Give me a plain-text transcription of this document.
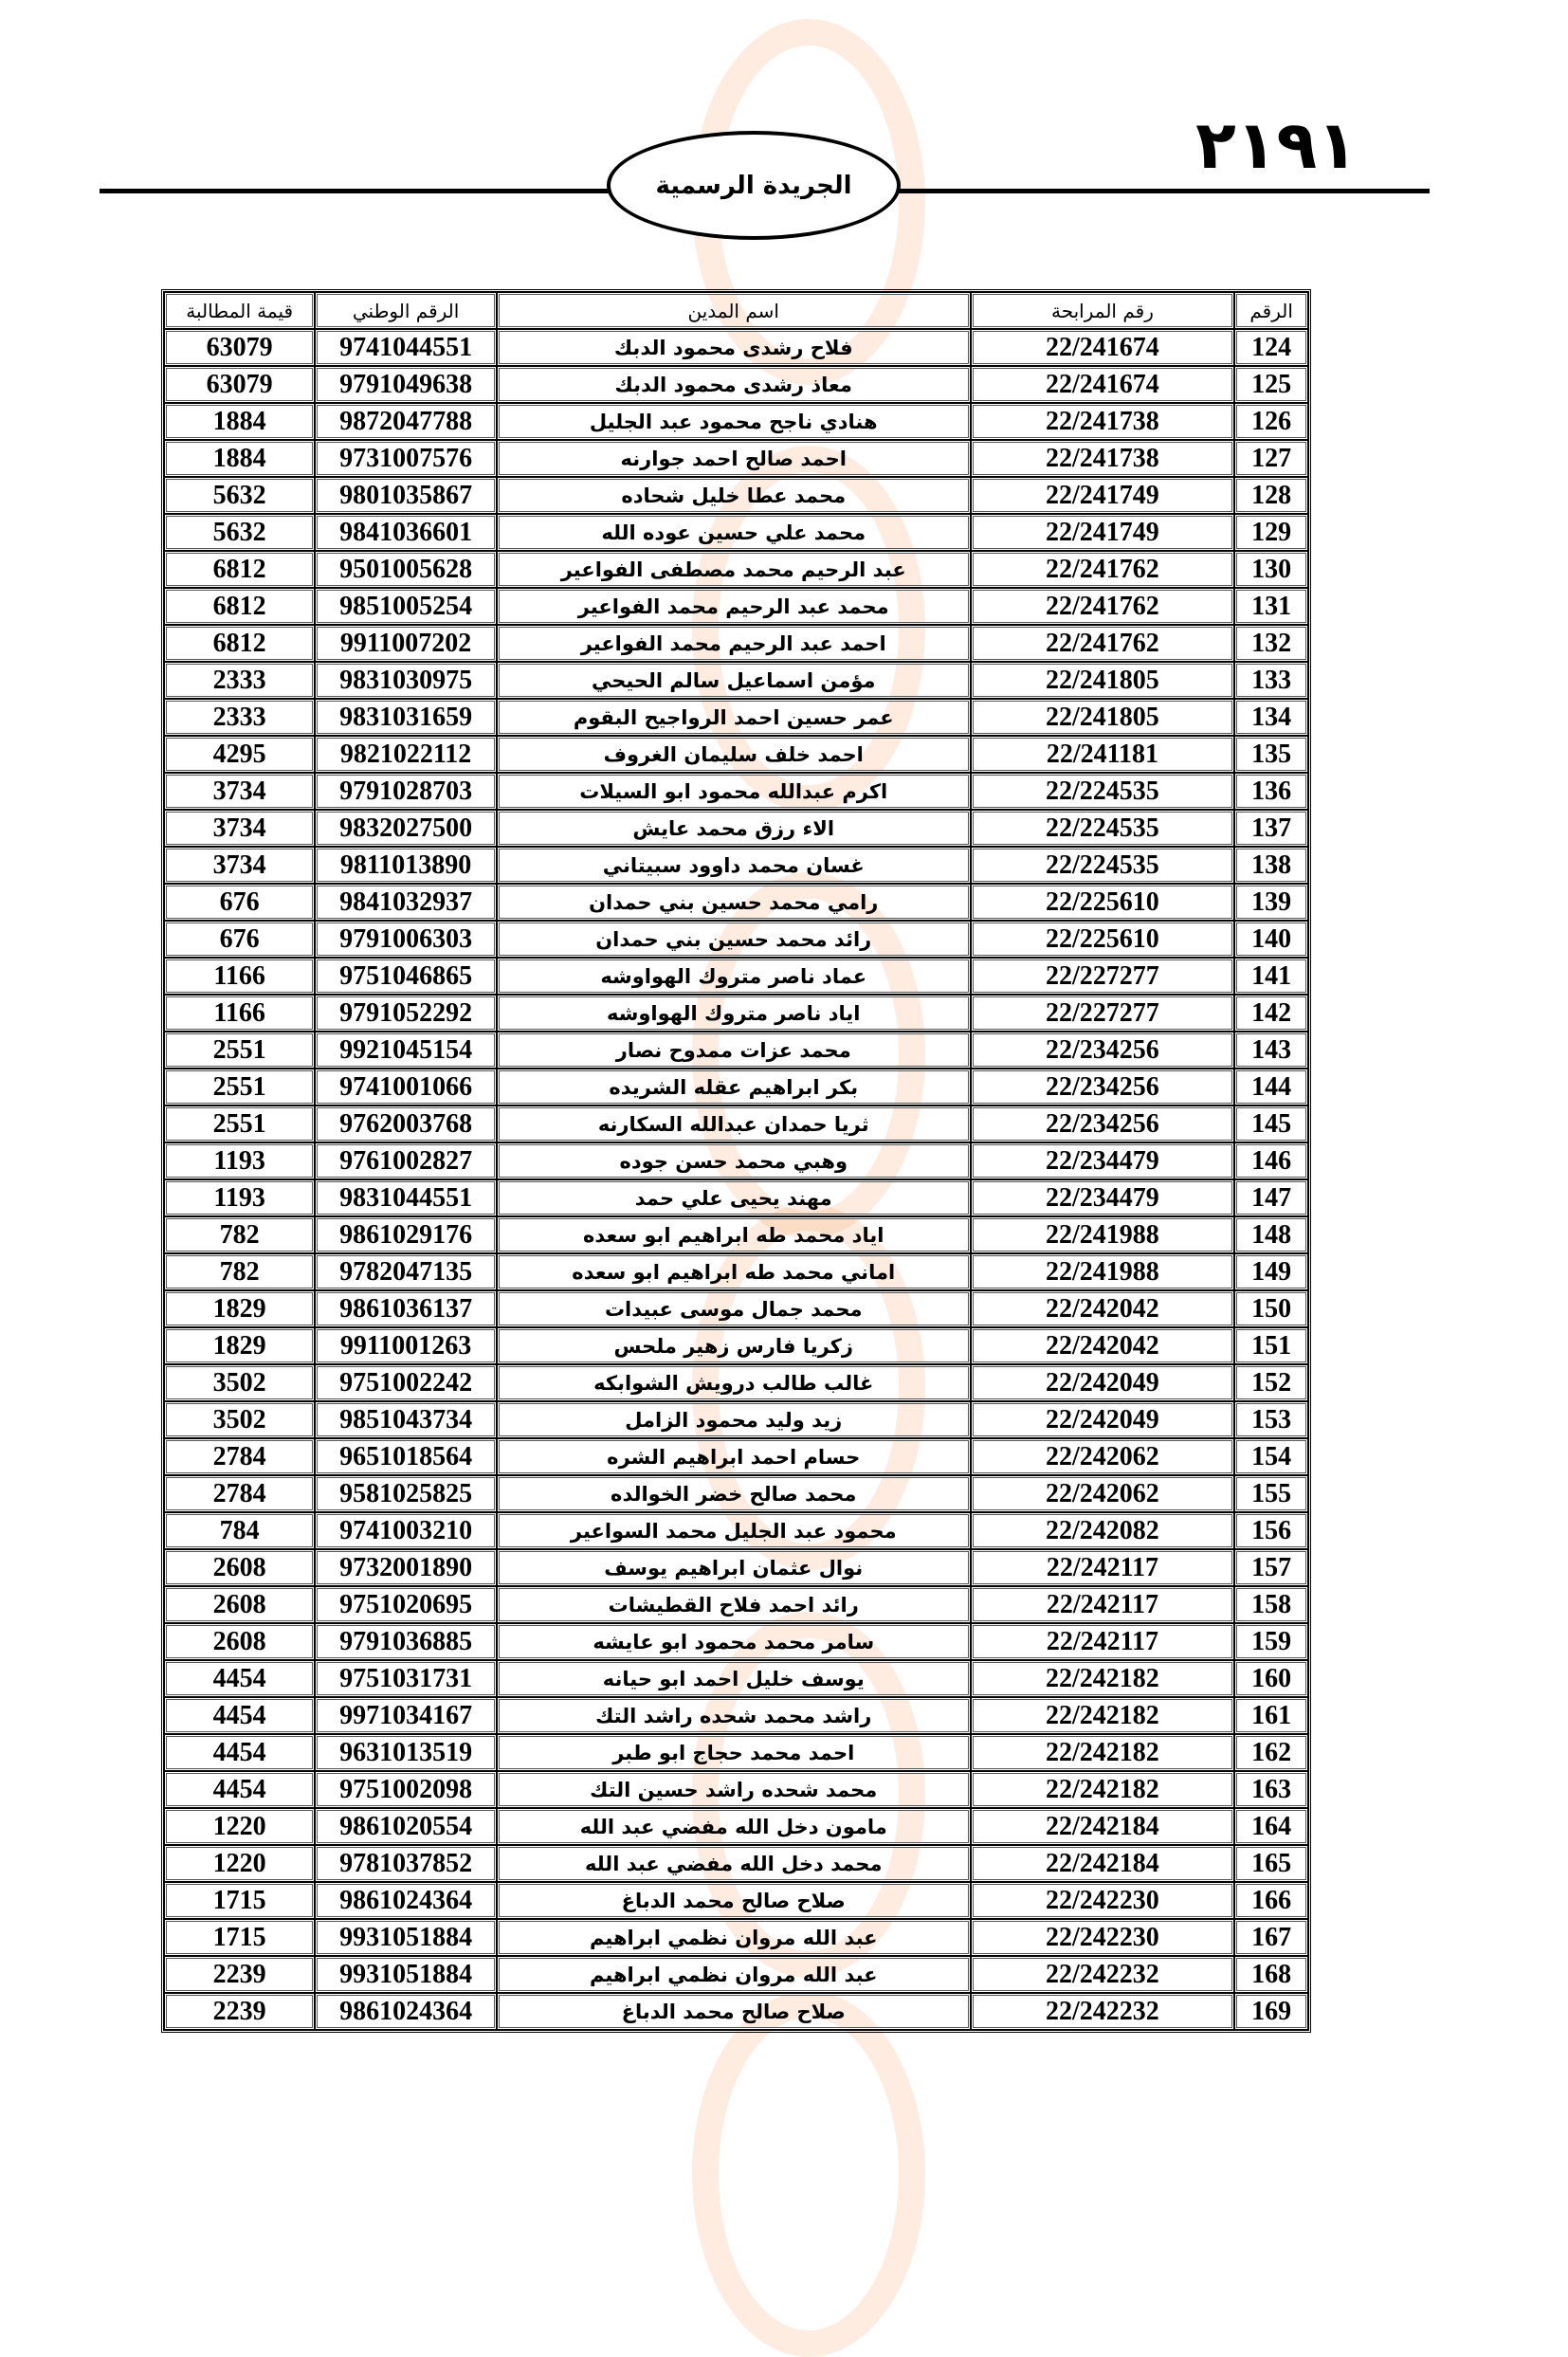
٢١٩١
الجريدة الرسمية
الرقم	رقم المرابحة	اسم المدين	الرقم الوطني	قيمة المطالبة
124	22/241674	فلاح رشدى محمود الدبك	9741044551	63079
125	22/241674	معاذ رشدى محمود الدبك	9791049638	63079
126	22/241738	هنادي ناجح محمود عبد الجليل	9872047788	1884
127	22/241738	احمد صالح احمد جوارنه	9731007576	1884
128	22/241749	محمد عطا خليل شحاده	9801035867	5632
129	22/241749	محمد علي حسين عوده الله	9841036601	5632
130	22/241762	عبد الرحيم محمد مصطفى الفواعير	9501005628	6812
131	22/241762	محمد عبد الرحيم محمد الفواعير	9851005254	6812
132	22/241762	احمد عبد الرحيم محمد الفواعير	9911007202	6812
133	22/241805	مؤمن اسماعيل سالم الحيحي	9831030975	2333
134	22/241805	عمر حسين احمد الرواجيح البقوم	9831031659	2333
135	22/241181	احمد خلف سليمان الغروف	9821022112	4295
136	22/224535	اكرم عبدالله محمود ابو السيلات	9791028703	3734
137	22/224535	الاء رزق محمد عايش	9832027500	3734
138	22/224535	غسان محمد داوود سبيتاني	9811013890	3734
139	22/225610	رامي محمد حسين بني حمدان	9841032937	676
140	22/225610	رائد محمد حسين بني حمدان	9791006303	676
141	22/227277	عماد ناصر متروك الهواوشه	9751046865	1166
142	22/227277	اياد ناصر متروك الهواوشه	9791052292	1166
143	22/234256	محمد عزات ممدوح نصار	9921045154	2551
144	22/234256	بكر ابراهيم عقله الشريده	9741001066	2551
145	22/234256	ثريا حمدان عبدالله السكارنه	9762003768	2551
146	22/234479	وهبي محمد حسن جوده	9761002827	1193
147	22/234479	مهند يحيى علي حمد	9831044551	1193
148	22/241988	اياد محمد طه ابراهيم ابو سعده	9861029176	782
149	22/241988	اماني محمد طه ابراهيم ابو سعده	9782047135	782
150	22/242042	محمد جمال موسى عبيدات	9861036137	1829
151	22/242042	زكريا فارس زهير ملحس	9911001263	1829
152	22/242049	غالب طالب درويش الشوابكه	9751002242	3502
153	22/242049	زيد وليد محمود الزامل	9851043734	3502
154	22/242062	حسام احمد ابراهيم الشره	9651018564	2784
155	22/242062	محمد صالح خضر الخوالده	9581025825	2784
156	22/242082	محمود عبد الجليل محمد السواعير	9741003210	784
157	22/242117	نوال عثمان ابراهيم يوسف	9732001890	2608
158	22/242117	رائد احمد فلاح القطيشات	9751020695	2608
159	22/242117	سامر محمد محمود ابو عايشه	9791036885	2608
160	22/242182	يوسف خليل احمد ابو حيانه	9751031731	4454
161	22/242182	راشد محمد شحده راشد التك	9971034167	4454
162	22/242182	احمد محمد حجاج ابو طبر	9631013519	4454
163	22/242182	محمد شحده راشد حسين التك	9751002098	4454
164	22/242184	مامون دخل الله مفضي عبد الله	9861020554	1220
165	22/242184	محمد دخل الله مفضي عبد الله	9781037852	1220
166	22/242230	صلاح صالح محمد الدباغ	9861024364	1715
167	22/242230	عبد الله مروان نظمي ابراهيم	9931051884	1715
168	22/242232	عبد الله مروان نظمي ابراهيم	9931051884	2239
169	22/242232	صلاح صالح محمد الدباغ	9861024364	2239
